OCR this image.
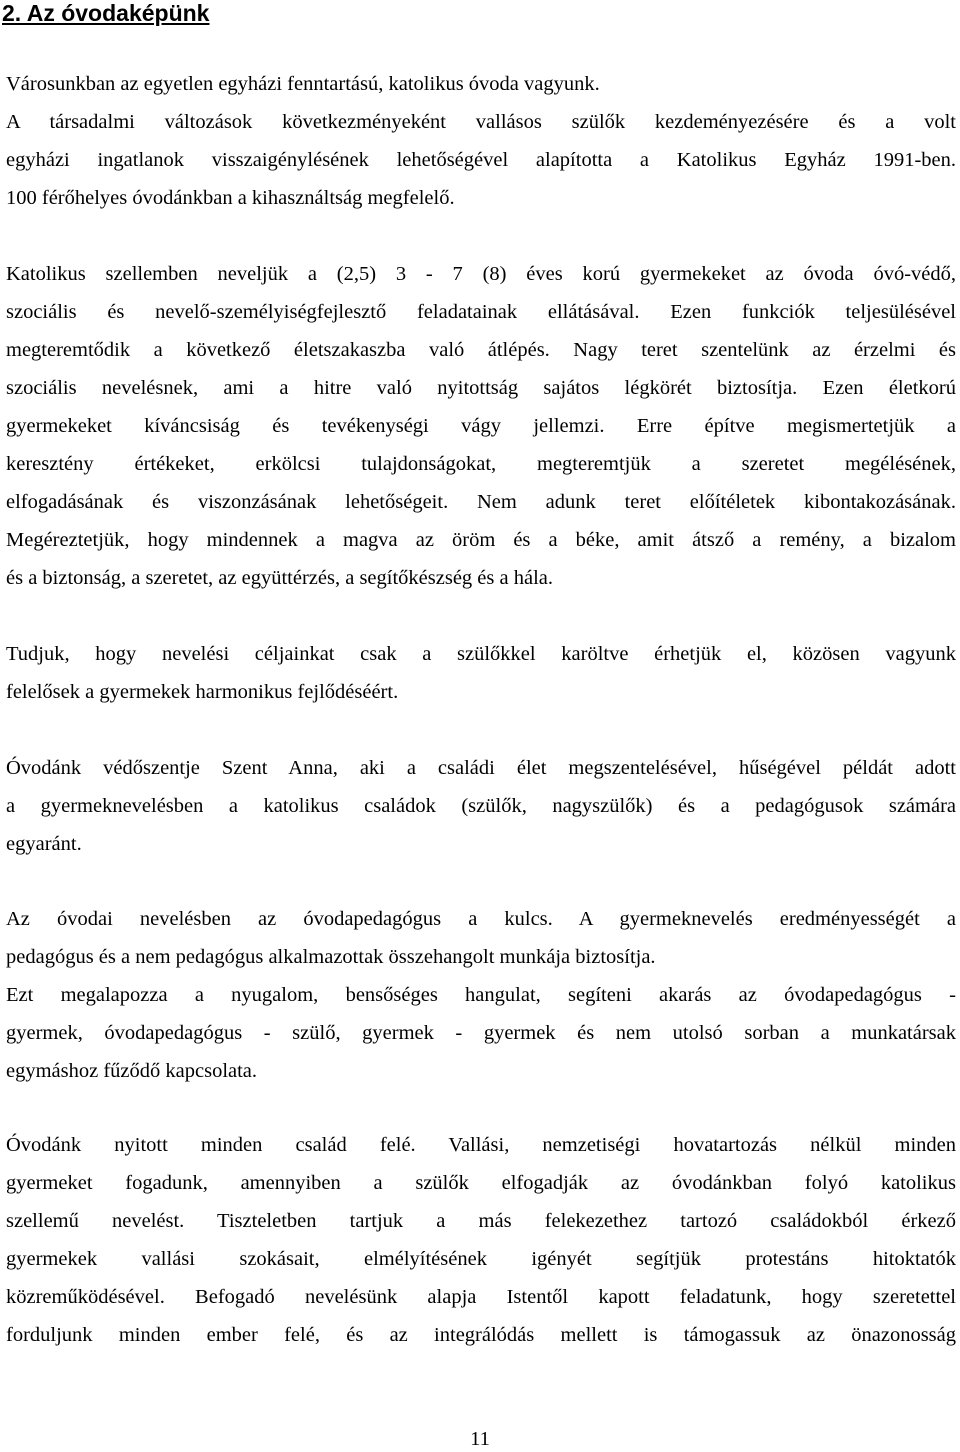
2. Az óvodaképünk
Városunkban az egyetlen egyházi fenntartású, katolikus óvoda vagyunk.
A társadalmi változások következményeként vallásos szülők kezdeményezésére és a volt
egyházi ingatlanok visszaigénylésének lehetőségével alapította a Katolikus Egyház 1991-ben.
100 férőhelyes óvodánkban a kihasználtság megfelelő.
Katolikus szellemben neveljük a (2,5) 3 - 7 (8) éves korú gyermekeket az óvoda óvó-védő,
szociális és nevelő-személyiségfejlesztő feladatainak ellátásával. Ezen funkciók teljesülésével
megteremtődik a következő életszakaszba való átlépés. Nagy teret szentelünk az érzelmi és
szociális nevelésnek, ami a hitre való nyitottság sajátos légkörét biztosítja. Ezen életkorú
gyermekeket kíváncsiság és tevékenységi vágy jellemzi. Erre építve megismertetjük a
keresztény értékeket, erkölcsi tulajdonságokat, megteremtjük a szeretet megélésének,
elfogadásának és viszonzásának lehetőségeit. Nem adunk teret előítéletek kibontakozásának.
Megéreztetjük, hogy mindennek a magva az öröm és a béke, amit átsző a remény, a bizalom
és a biztonság, a szeretet, az együttérzés, a segítőkészség és a hála.
Tudjuk, hogy nevelési céljainkat csak a szülőkkel karöltve érhetjük el, közösen vagyunk
felelősek a gyermekek harmonikus fejlődéséért.
Óvodánk védőszentje Szent Anna, aki a családi élet megszentelésével, hűségével példát adott
a gyermeknevelésben a katolikus családok (szülők, nagyszülők) és a pedagógusok számára
egyaránt.
Az óvodai nevelésben az óvodapedagógus a kulcs. A gyermeknevelés eredményességét a
pedagógus és a nem pedagógus alkalmazottak összehangolt munkája biztosítja.
Ezt megalapozza a nyugalom, bensőséges hangulat, segíteni akarás az óvodapedagógus -
gyermek, óvodapedagógus - szülő, gyermek - gyermek és nem utolsó sorban a munkatársak
egymáshoz fűződő kapcsolata.
Óvodánk nyitott minden család felé. Vallási, nemzetiségi hovatartozás nélkül minden
gyermeket fogadunk, amennyiben a szülők elfogadják az óvodánkban folyó katolikus
szellemű nevelést. Tiszteletben tartjuk a más felekezethez tartozó családokból érkező
gyermekek vallási szokásait, elmélyítésének igényét segítjük protestáns hitoktatók
közreműködésével. Befogadó nevelésünk alapja Istentől kapott feladatunk, hogy szeretettel
forduljunk minden ember felé, és az integrálódás mellett is támogassuk az önazonosság
11
